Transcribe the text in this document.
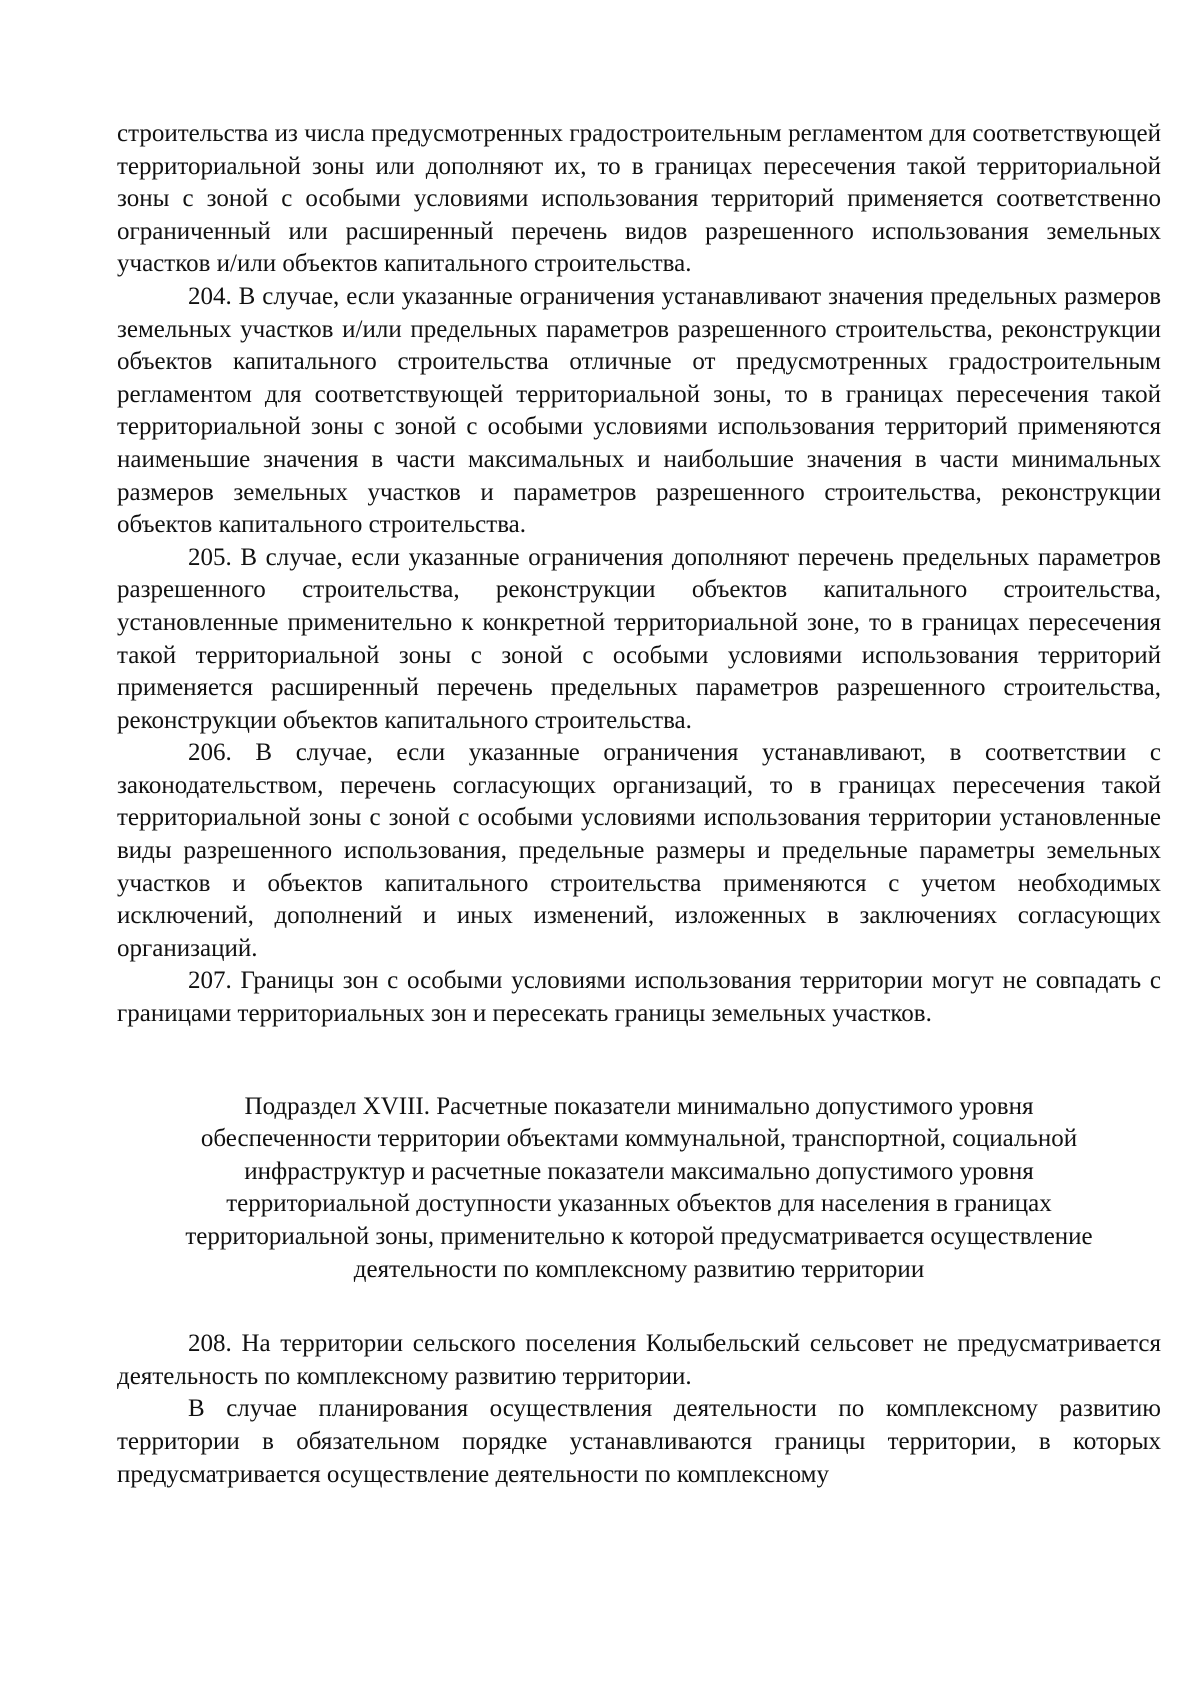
строительства из числа предусмотренных градостроительным регламентом для соответствующей территориальной зоны или дополняют их, то в границах пересечения такой территориальной зоны с зоной с особыми условиями использования территорий применяется соответственно ограниченный или расширенный перечень видов разрешенного использования земельных участков и/или объектов капитального строительства.

204. В случае, если указанные ограничения устанавливают значения предельных размеров земельных участков и/или предельных параметров разрешенного строительства, реконструкции объектов капитального строительства отличные от предусмотренных градостроительным регламентом для соответствующей территориальной зоны, то в границах пересечения такой территориальной зоны с зоной с особыми условиями использования территорий применяются наименьшие значения в части максимальных и наибольшие значения в части минимальных размеров земельных участков и параметров разрешенного строительства, реконструкции объектов капитального строительства.

205. В случае, если указанные ограничения дополняют перечень предельных параметров разрешенного строительства, реконструкции объектов капитального строительства, установленные применительно к конкретной территориальной зоне, то в границах пересечения такой территориальной зоны с зоной с особыми условиями использования территорий применяется расширенный перечень предельных параметров разрешенного строительства, реконструкции объектов капитального строительства.

206. В случае, если указанные ограничения устанавливают, в соответствии с законодательством, перечень согласующих организаций, то в границах пересечения такой территориальной зоны с зоной с особыми условиями использования территории установленные виды разрешенного использования, предельные размеры и предельные параметры земельных участков и объектов капитального строительства применяются с учетом необходимых исключений, дополнений и иных изменений, изложенных в заключениях согласующих организаций.

207. Границы зон с особыми условиями использования территории могут не совпадать с границами территориальных зон и пересекать границы земельных участков.

Подраздел XVIII. Расчетные показатели минимально допустимого уровня

обеспеченности территории объектами коммунальной, транспортной, социальной

инфраструктур и расчетные показатели максимально допустимого уровня

территориальной доступности указанных объектов для населения в границах

территориальной зоны, применительно к которой предусматривается осуществление

деятельности по комплексному развитию территории

208. На территории сельского поселения Колыбельский сельсовет не предусматривается деятельность по комплексному развитию территории.

В случае планирования осуществления деятельности по комплексному развитию территории в обязательном порядке устанавливаются границы территории, в которых предусматривается осуществление деятельности по комплексному
